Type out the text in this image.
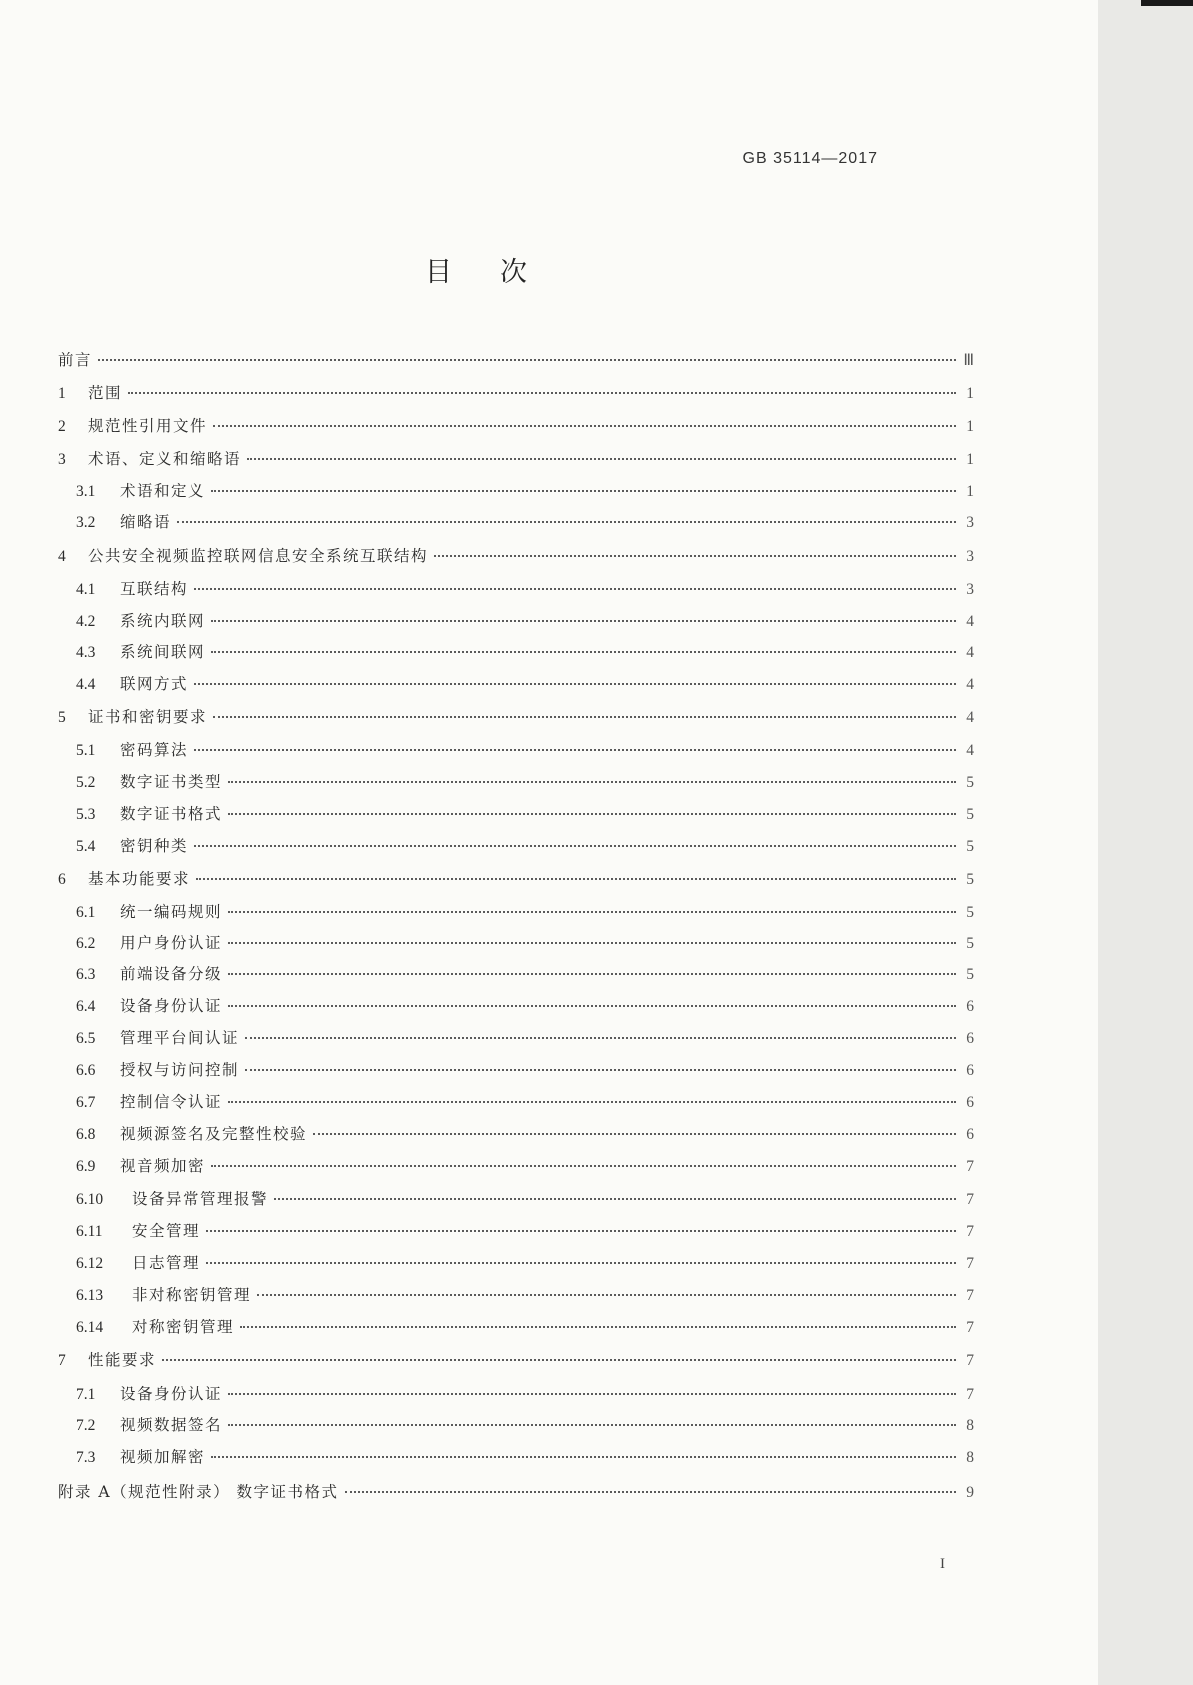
GB 35114—2017
目次
前言	Ⅲ
1	范围	1
2	规范性引用文件	1
3	术语、定义和缩略语	1
3.1	术语和定义	1
3.2	缩略语	3
4	公共安全视频监控联网信息安全系统互联结构	3
4.1	互联结构	3
4.2	系统内联网	4
4.3	系统间联网	4
4.4	联网方式	4
5	证书和密钥要求	4
5.1	密码算法	4
5.2	数字证书类型	5
5.3	数字证书格式	5
5.4	密钥种类	5
6	基本功能要求	5
6.1	统一编码规则	5
6.2	用户身份认证	5
6.3	前端设备分级	5
6.4	设备身份认证	6
6.5	管理平台间认证	6
6.6	授权与访问控制	6
6.7	控制信令认证	6
6.8	视频源签名及完整性校验	6
6.9	视音频加密	7
6.10	设备异常管理报警	7
6.11	安全管理	7
6.12	日志管理	7
6.13	非对称密钥管理	7
6.14	对称密钥管理	7
7	性能要求	7
7.1	设备身份认证	7
7.2	视频数据签名	8
7.3	视频加解密	8
附录 A（规范性附录） 数字证书格式	9
I
